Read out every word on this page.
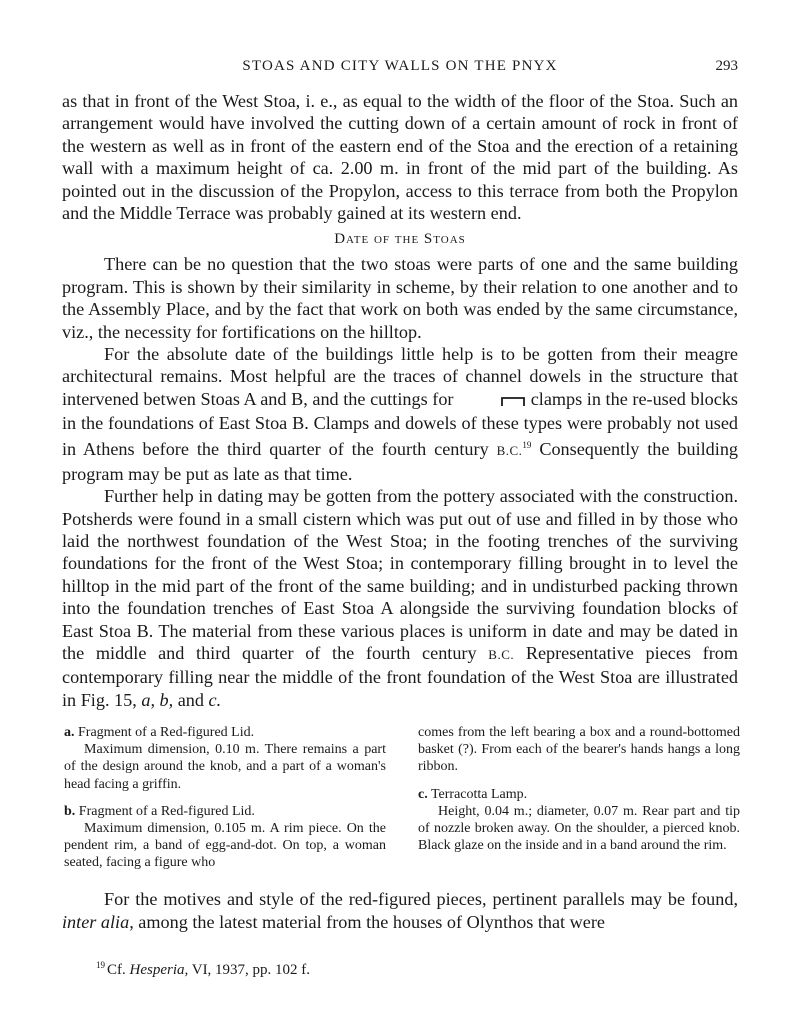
STOAS AND CITY WALLS ON THE PNYX	293

as that in front of the West Stoa, i. e., as equal to the width of the floor of the Stoa. Such an arrangement would have involved the cutting down of a certain amount of rock in front of the western as well as in front of the eastern end of the Stoa and the erection of a retaining wall with a maximum height of ca. 2.00 m. in front of the mid part of the building. As pointed out in the discussion of the Propylon, access to this terrace from both the Propylon and the Middle Terrace was probably gained at its western end.

Date of the Stoas

There can be no question that the two stoas were parts of one and the same building program. This is shown by their similarity in scheme, by their relation to one another and to the Assembly Place, and by the fact that work on both was ended by the same circumstance, viz., the necessity for fortifications on the hilltop.

For the absolute date of the buildings little help is to be gotten from their meagre architectural remains. Most helpful are the traces of channel dowels in the structure that intervened betwen Stoas A and B, and the cuttings for	clamps in the re-used blocks in the foundations of East Stoa B. Clamps and dowels of these types were probably not used in Athens before the third quarter of the fourth century B.C.$^{19}$ Consequently the building program may be put as late as that time.

Further help in dating may be gotten from the pottery associated with the construction. Potsherds were found in a small cistern which was put out of use and filled in by those who laid the northwest foundation of the West Stoa; in the footing trenches of the surviving foundations for the front of the West Stoa; in contemporary filling brought in to level the hilltop in the mid part of the front of the same building; and in undisturbed packing thrown into the foundation trenches of East Stoa A alongside the surviving foundation blocks of East Stoa B. The material from these various places is uniform in date and may be dated in the middle and third quarter of the fourth century B.C. Representative pieces from contemporary filling near the middle of the front foundation of the West Stoa are illustrated in Fig. 15, a, b, and c.

a. Fragment of a Red-figured Lid.

Maximum dimension, 0.10 m. There remains a part of the design around the knob, and a part of a woman's head facing a griffin.

b. Fragment of a Red-figured Lid.

Maximum dimension, 0.105 m. A rim piece. On the pendent rim, a band of egg-and-dot. On top, a woman seated, facing a figure who

comes from the left bearing a box and a round-bottomed basket (?). From each of the bearer's hands hangs a long ribbon.

c. Terracotta Lamp.

Height, 0.04 m.; diameter, 0.07 m. Rear part and tip of nozzle broken away. On the shoulder, a pierced knob. Black glaze on the inside and in a band around the rim.

For the motives and style of the red-figured pieces, pertinent parallels may be found, inter alia, among the latest material from the houses of Olynthos that were

$^{19}$ Cf. Hesperia, VI, 1937, pp. 102 f.
